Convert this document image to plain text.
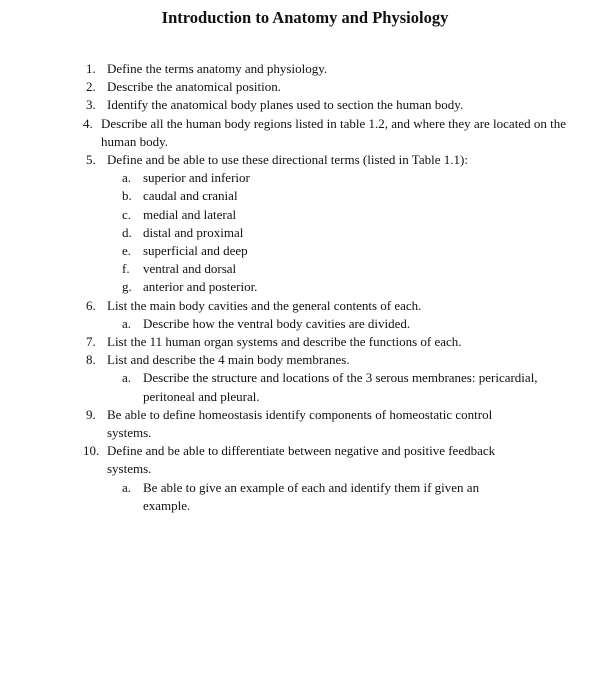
Introduction to Anatomy and Physiology
1. Define the terms anatomy and physiology.
2. Describe the anatomical position.
3. Identify the anatomical body planes used to section the human body.
4. Describe all the human body regions listed in table 1.2, and where they are located on the human body.
5. Define and be able to use these directional terms (listed in Table 1.1):
a. superior and inferior
b. caudal and cranial
c. medial and lateral
d. distal and proximal
e. superficial and deep
f.	ventral and dorsal
g. anterior and posterior.
6. List the main body cavities and the general contents of each.
a. Describe how the ventral body cavities are divided.
7. List the 11 human organ systems and describe the functions of each.
8. List and describe the 4 main body membranes.
a. Describe the structure and locations of the 3 serous membranes: pericardial, peritoneal and pleural.
9. Be able to define homeostasis identify components of homeostatic control systems.
10. Define and be able to differentiate between negative and positive feedback systems.
a. Be able to give an example of each and identify them if given an example.
